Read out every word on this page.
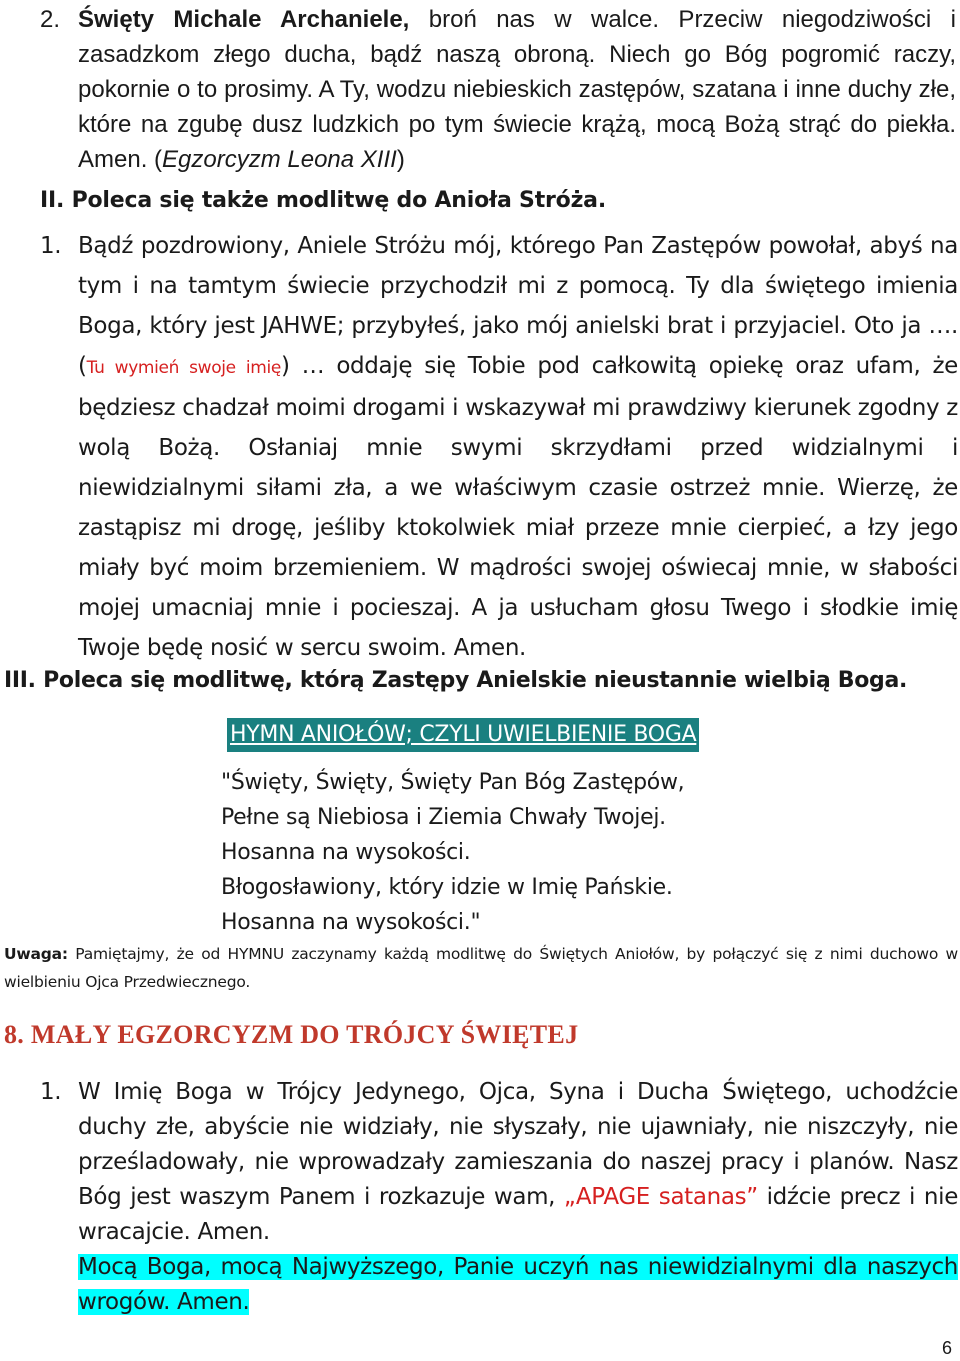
2. Święty Michale Archaniele, broń nas w walce. Przeciw niegodziwości i zasadzkom złego ducha, bądź naszą obroną. Niech go Bóg pogromić raczy, pokornie o to prosimy. A Ty, wodzu niebieskich zastępów, szatana i inne duchy złe, które na zgubę dusz ludzkich po tym świecie krążą, mocą Bożą strąć do piekła. Amen. (Egzorcyzm Leona XIII)
II. Poleca się także modlitwę do Anioła Stróża.
1. Bądź pozdrowiony, Aniele Stróżu mój, którego Pan Zastępów powołał, abyś na tym i na tamtym świecie przychodził mi z pomocą. Ty dla świętego imienia Boga, który jest JAHWE; przybyłeś, jako mój anielski brat i przyjaciel. Oto ja …. (Tu wymień swoje imię) … oddaję się Tobie pod całkowitą opiekę oraz ufam, że będziesz chadzał moimi drogami i wskazywał mi prawdziwy kierunek zgodny z wolą Bożą. Osłaniaj mnie swymi skrzydłami przed widzialnymi i niewidzialnymi siłami zła, a we właściwym czasie ostrzeż mnie. Wierzę, że zastąpisz mi drogę, jeśliby ktokolwiek miał przeze mnie cierpieć, a łzy jego miały być moim brzemieniem. W mądrości swojej oświecaj mnie, w słabości mojej umacniaj mnie i pocieszaj. A ja usłucham głosu Twego i słodkie imię Twoje będę nosić w sercu swoim. Amen.
III. Poleca się modlitwę, którą Zastępy Anielskie nieustannie wielbią Boga.
HYMN ANIOŁÓW; CZYLI UWIELBIENIE BOGA
"Święty, Święty, Święty Pan Bóg Zastępów,
Pełne są Niebiosa i Ziemia Chwały Twojej.
Hosanna na wysokości.
Błogosławiony, który idzie w Imię Pańskie.
Hosanna na wysokości."
Uwaga: Pamiętajmy, że od HYMNU zaczynamy każdą modlitwę do Świętych Aniołów, by połączyć się z nimi duchowo w wielbieniu Ojca Przedwiecznego.
8. MAŁY EGZORCYZM DO TRÓJCY ŚWIĘTEJ
1. W Imię Boga w Trójcy Jedynego, Ojca, Syna i Ducha Świętego, uchodźcie duchy złe, abyście nie widziały, nie słyszały, nie ujawniały, nie niszczyły, nie prześladowały, nie wprowadzały zamieszania do naszej pracy i planów. Nasz Bóg jest waszym Panem i rozkazuje wam, „APAGE satanas” idźcie precz i nie wracajcie. Amen.
Mocą Boga, mocą Najwyższego, Panie uczyń nas niewidzialnymi dla naszych wrogów. Amen.
6
